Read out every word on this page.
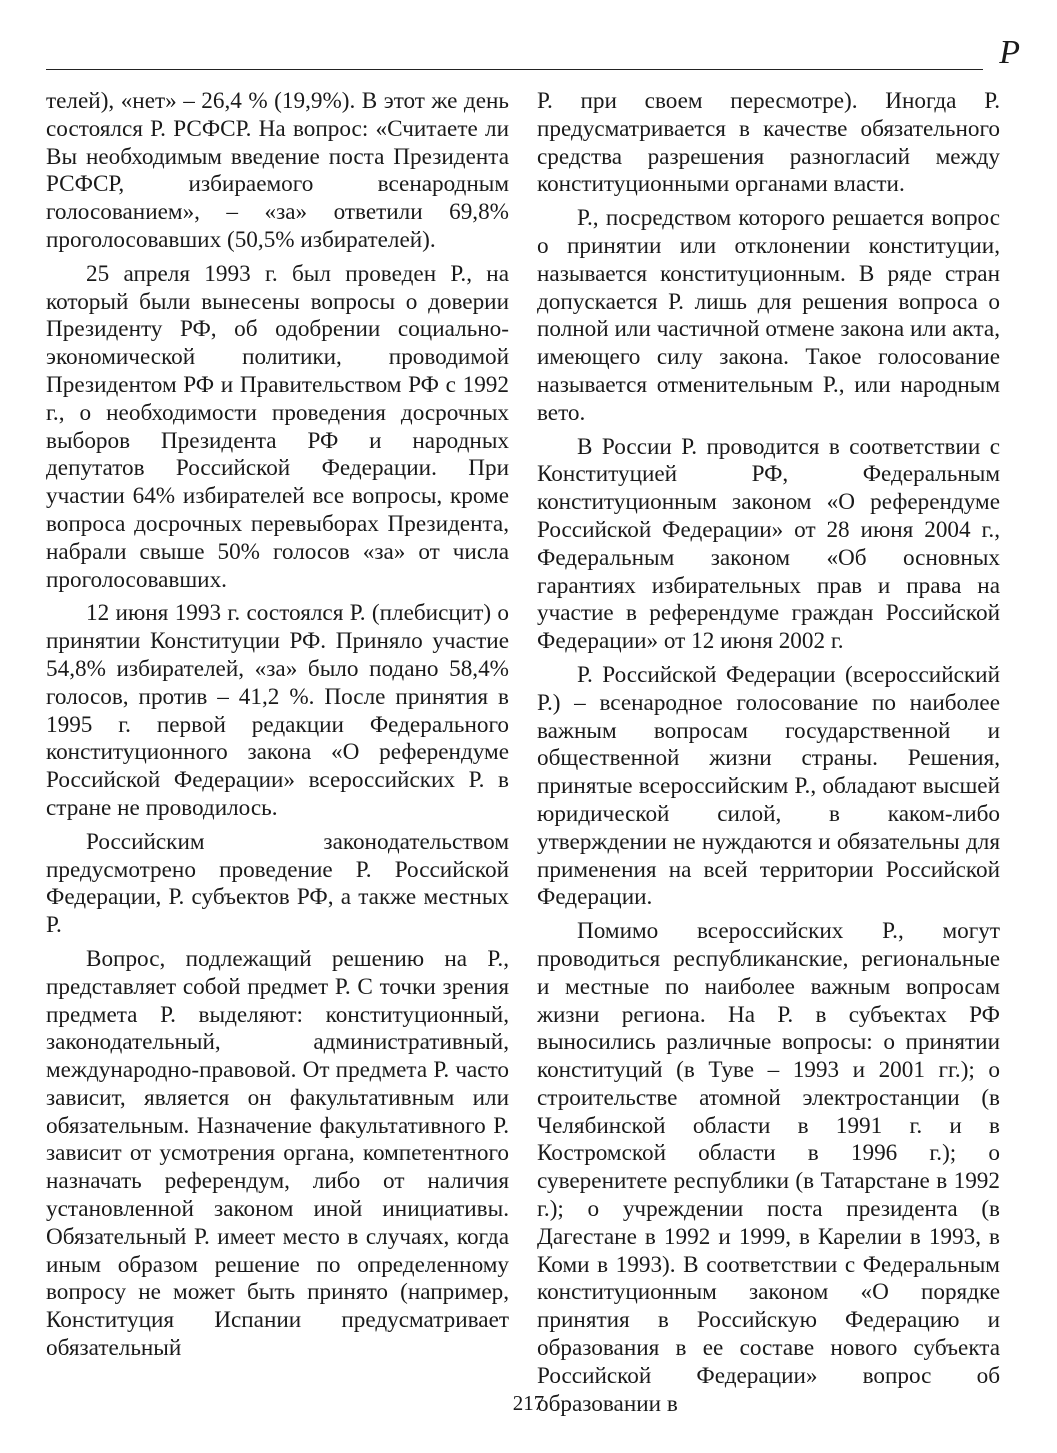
Р

телей), «нет» – 26,4 % (19,9%). В этот же день состоялся Р. РСФСР. На вопрос: «Считаете ли Вы необходимым введение поста Президента РСФСР, избираемого всенародным голосованием», – «за» ответили 69,8% проголосовавших (50,5% избирателей).

25 апреля 1993 г. был проведен Р., на который были вынесены вопросы о доверии Президенту РФ, об одобрении социально-экономической политики, проводимой Президентом РФ и Правительством РФ с 1992 г., о необходимости проведения досрочных выборов Президента РФ и народных депутатов Российской Федерации. При участии 64% избирателей все вопросы, кроме вопроса досрочных перевыборах Президента, набрали свыше 50% голосов «за» от числа проголосовавших.

12 июня 1993 г. состоялся Р. (плебисцит) о принятии Конституции РФ. Приняло участие 54,8% избирателей, «за» было подано 58,4% голосов, против – 41,2 %. После принятия в 1995 г. первой редакции Федерального конституционного закона «О референдуме Российской Федерации» всероссийских Р. в стране не проводилось.

Российским законодательством предусмотрено проведение Р. Российской Федерации, Р. субъектов РФ, а также местных Р.

Вопрос, подлежащий решению на Р., представляет собой предмет Р. С точки зрения предмета Р. выделяют: конституционный, законодательный, административный, международно-правовой. От предмета Р. часто зависит, является он факультативным или обязательным. Назначение факультативного Р. зависит от усмотрения органа, компетентного назначать референдум, либо от наличия установленной законом иной инициативы. Обязательный Р. имеет место в случаях, когда иным образом решение по определенному вопросу не может быть принято (например, Конституция Испании предусматривает обязательный

Р. при своем пересмотре). Иногда Р. предусматривается в качестве обязательного средства разрешения разногласий между конституционными органами власти.

Р., посредством которого решается вопрос о принятии или отклонении конституции, называется конституционным. В ряде стран допускается Р. лишь для решения вопроса о полной или частичной отмене закона или акта, имеющего силу закона. Такое голосование называется отменительным Р., или народным вето.

В России Р. проводится в соответствии с Конституцией РФ, Федеральным конституционным законом «О референдуме Российской Федерации» от 28 июня 2004 г., Федеральным законом «Об основных гарантиях избирательных прав и права на участие в референдуме граждан Российской Федерации» от 12 июня 2002 г.

Р. Российской Федерации (всероссийский Р.) – всенародное голосование по наиболее важным вопросам государственной и общественной жизни страны. Решения, принятые всероссийским Р., обладают высшей юридической силой, в каком-либо утверждении не нуждаются и обязательны для применения на всей территории Российской Федерации.

Помимо всероссийских Р., могут проводиться республиканские, региональные и местные по наиболее важным вопросам жизни региона. На Р. в субъектах РФ выносились различные вопросы: о принятии конституций (в Туве – 1993 и 2001 гг.); о строительстве атомной электростанции (в Челябинской области в 1991 г. и в Костромской области в 1996 г.); о суверенитете республики (в Татарстане в 1992 г.); о учреждении поста президента (в Дагестане в 1992 и 1999, в Карелии в 1993, в Коми в 1993). В соответствии с Федеральным конституционным законом «О порядке принятия в Российскую Федерацию и образования в ее составе нового субъекта Российской Федерации» вопрос об образовании в

217
